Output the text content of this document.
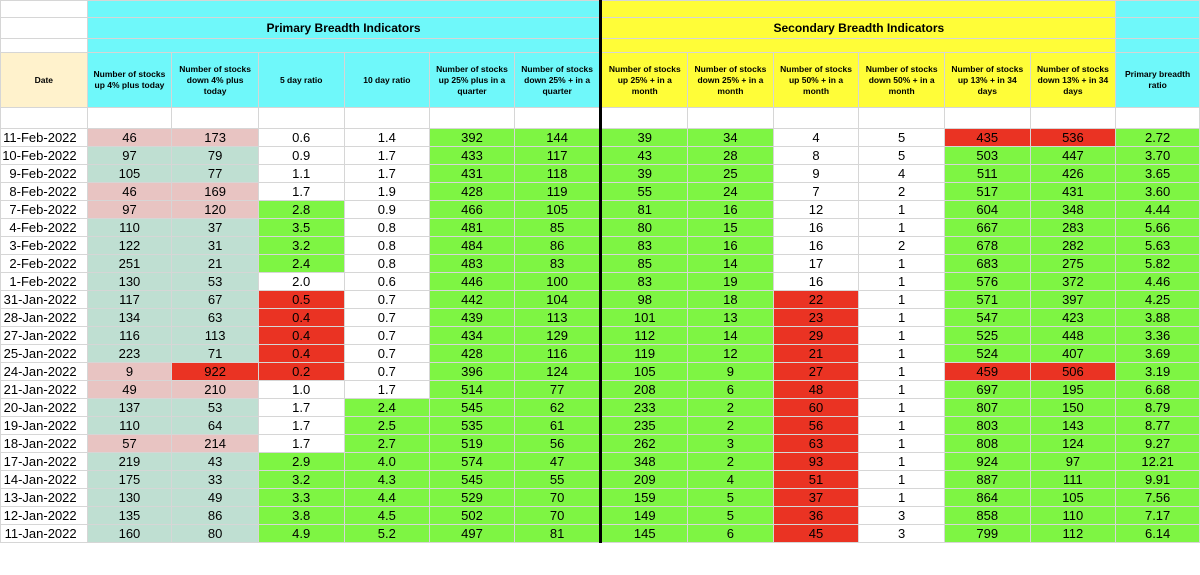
	Primary Breadth Indicators						Secondary Breadth Indicators						

Date	Number of stocks up 4% plus today	Number of stocks down 4% plus today	5 day ratio	10 day ratio	Number of stocks up 25% plus in a quarter	Number of stocks down 25% + in a quarter	Number of stocks up 25% + in a month	Number of stocks down 25% + in a month	Number of stocks up 50% + in a month	Number of stocks down 50% + in a month	Number of stocks up 13% + in 34 days	Number of stocks down 13% + in 34 days	Primary breadth ratio

11-Feb-2022	46	173	0.6	1.4	392	144	39	34	4	5	435	536	2.72
10-Feb-2022	97	79	0.9	1.7	433	117	43	28	8	5	503	447	3.70
9-Feb-2022	105	77	1.1	1.7	431	118	39	25	9	4	511	426	3.65
8-Feb-2022	46	169	1.7	1.9	428	119	55	24	7	2	517	431	3.60
7-Feb-2022	97	120	2.8	0.9	466	105	81	16	12	1	604	348	4.44
4-Feb-2022	110	37	3.5	0.8	481	85	80	15	16	1	667	283	5.66
3-Feb-2022	122	31	3.2	0.8	484	86	83	16	16	2	678	282	5.63
2-Feb-2022	251	21	2.4	0.8	483	83	85	14	17	1	683	275	5.82
1-Feb-2022	130	53	2.0	0.6	446	100	83	19	16	1	576	372	4.46
31-Jan-2022	117	67	0.5	0.7	442	104	98	18	22	1	571	397	4.25
28-Jan-2022	134	63	0.4	0.7	439	113	101	13	23	1	547	423	3.88
27-Jan-2022	116	113	0.4	0.7	434	129	112	14	29	1	525	448	3.36
25-Jan-2022	223	71	0.4	0.7	428	116	119	12	21	1	524	407	3.69
24-Jan-2022	9	922	0.2	0.7	396	124	105	9	27	1	459	506	3.19
21-Jan-2022	49	210	1.0	1.7	514	77	208	6	48	1	697	195	6.68
20-Jan-2022	137	53	1.7	2.4	545	62	233	2	60	1	807	150	8.79
19-Jan-2022	110	64	1.7	2.5	535	61	235	2	56	1	803	143	8.77
18-Jan-2022	57	214	1.7	2.7	519	56	262	3	63	1	808	124	9.27
17-Jan-2022	219	43	2.9	4.0	574	47	348	2	93	1	924	97	12.21
14-Jan-2022	175	33	3.2	4.3	545	55	209	4	51	1	887	111	9.91
13-Jan-2022	130	49	3.3	4.4	529	70	159	5	37	1	864	105	7.56
12-Jan-2022	135	86	3.8	4.5	502	70	149	5	36	3	858	110	7.17
11-Jan-2022	160	80	4.9	5.2	497	81	145	6	45	3	799	112	6.14
